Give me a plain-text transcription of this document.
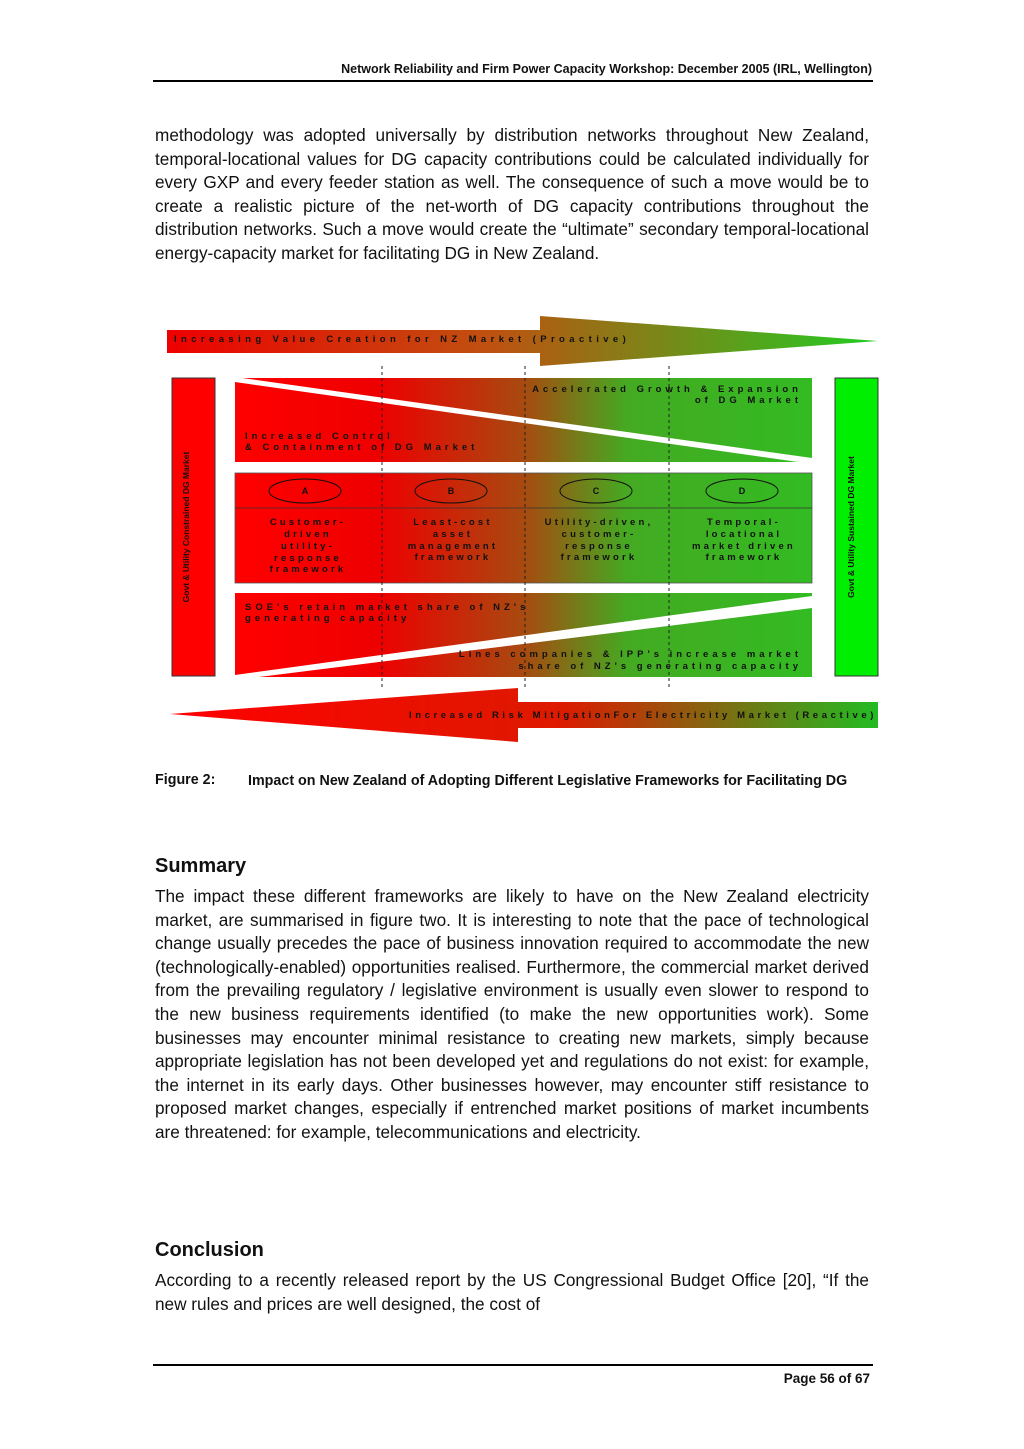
Network Reliability and Firm Power Capacity Workshop: December 2005 (IRL, Wellington)
methodology was adopted universally by distribution networks throughout New Zealand, temporal-locational values for DG capacity contributions could be calculated individually for every GXP and every feeder station as well. The consequence of such a move would be to create a realistic picture of the net-worth of DG capacity contributions throughout the distribution networks. Such a move would create the “ultimate” secondary temporal-locational energy-capacity market for facilitating DG in New Zealand.
Increasing Value Creation for NZ Market (Proactive)
Govt & Utility Constrained DG Market	Govt & Utility Sustained DG Market
Accelerated Growth & Expansion
of DG Market
Increased Control
& Containment of DG Market
A	B	C	D
Customer-
driven
utility-
response
framework
Least-cost
asset
management
framework
Utility-driven,
customer-
response
framework
Temporal-
locational
market driven
framework
SOE's retain market share of NZ's
generating capacity
Lines companies & IPP's increase market
share of NZ's generating capacity
Increased Risk MitigationFor Electricity Market (Reactive)
Figure 2: Impact on New Zealand of Adopting Different Legislative Frameworks for Facilitating DG
Summary
The impact these different frameworks are likely to have on the New Zealand electricity market, are summarised in figure two. It is interesting to note that the pace of technological change usually precedes the pace of business innovation required to accommodate the new (technologically-enabled) opportunities realised. Furthermore, the commercial market derived from the prevailing regulatory / legislative environment is usually even slower to respond to the new business requirements identified (to make the new opportunities work). Some businesses may encounter minimal resistance to creating new markets, simply because appropriate legislation has not been developed yet and regulations do not exist: for example, the internet in its early days. Other businesses however, may encounter stiff resistance to proposed market changes, especially if entrenched market positions of market incumbents are threatened: for example, telecommunications and electricity.
Conclusion
According to a recently released report by the US Congressional Budget Office [20], “If the new rules and prices are well designed, the cost of
Page 56 of 67
